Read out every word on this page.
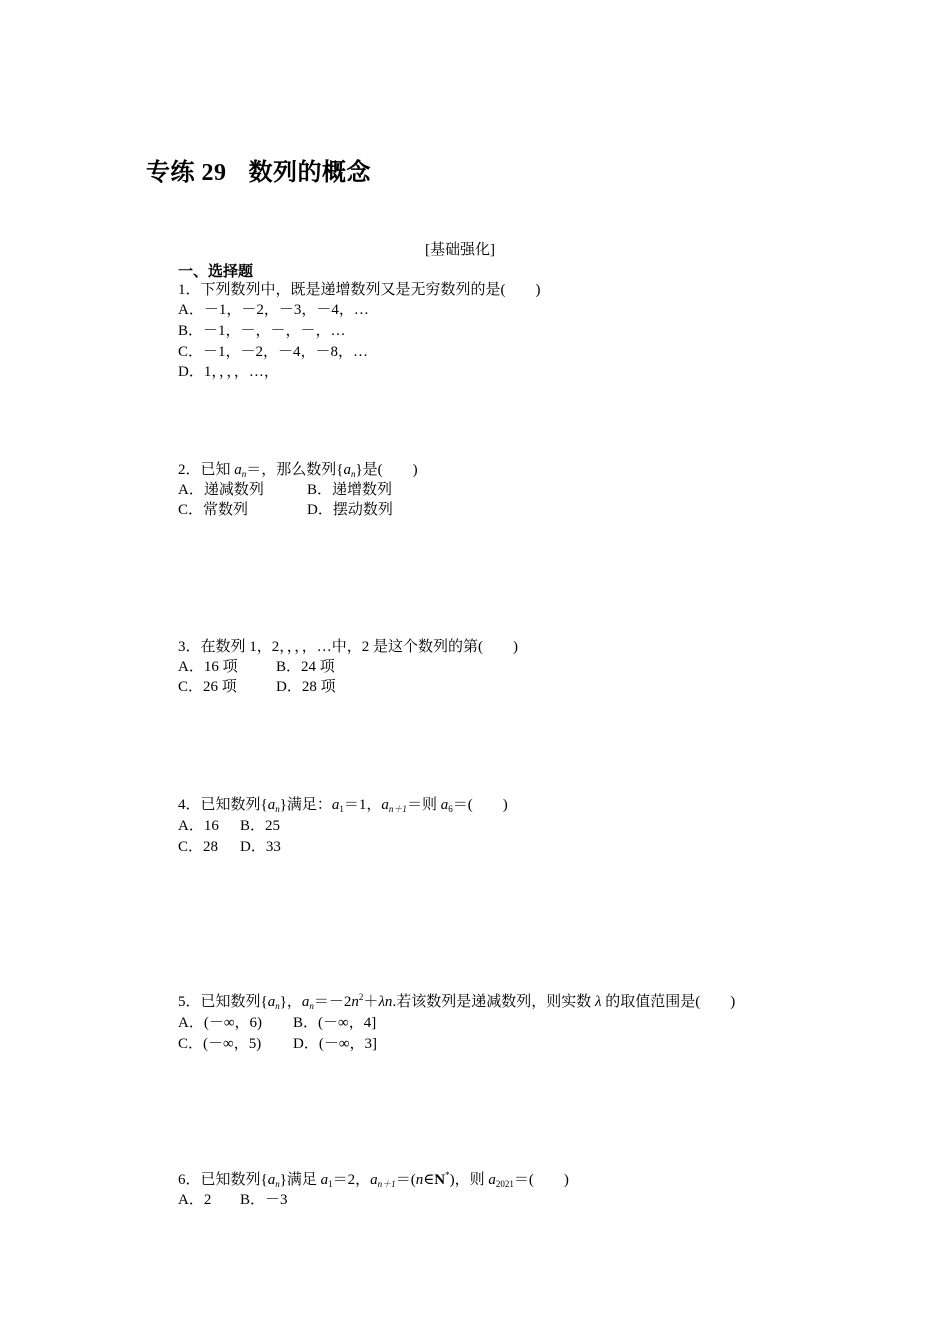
专练 29 数列的概念
[基础强化]
一、选择题
1．下列数列中，既是递增数列又是无穷数列的是(　　)
A．－1，－2，－3，－4，…
B．－1，－，－，－，…
C．－1，－2，－4，－8，…
D．1，，，，…，
2．已知 $a_n=$，那么数列$\{a_n\}$是(　　)
A．递减数列	B．递增数列
C．常数列	D．摆动数列
3．在数列 1，2，，，，…中，2 是这个数列的第(　　)
A．16 项	B．24 项
C．26 项	D．28 项
4．已知数列$\{a_n\}$满足：$a_1=1$，$a_{n+1}=$则 $a_6=$(　　)
A．16 B．25
C．28 D．33
5．已知数列$\{a_n\}$，$a_n=-2n^2+\lambda n$.若该数列是递减数列，则实数 λ 的取值范围是(　　)
A．(－∞，6) B．(－∞，4]
C．(－∞，5) D．(－∞，3]
6．已知数列$\{a_n\}$满足 $a_1=2$，$a_{n+1}=(n\in N^*)$，则 $a_{2021}=$(　　)
A．2 B．－3
